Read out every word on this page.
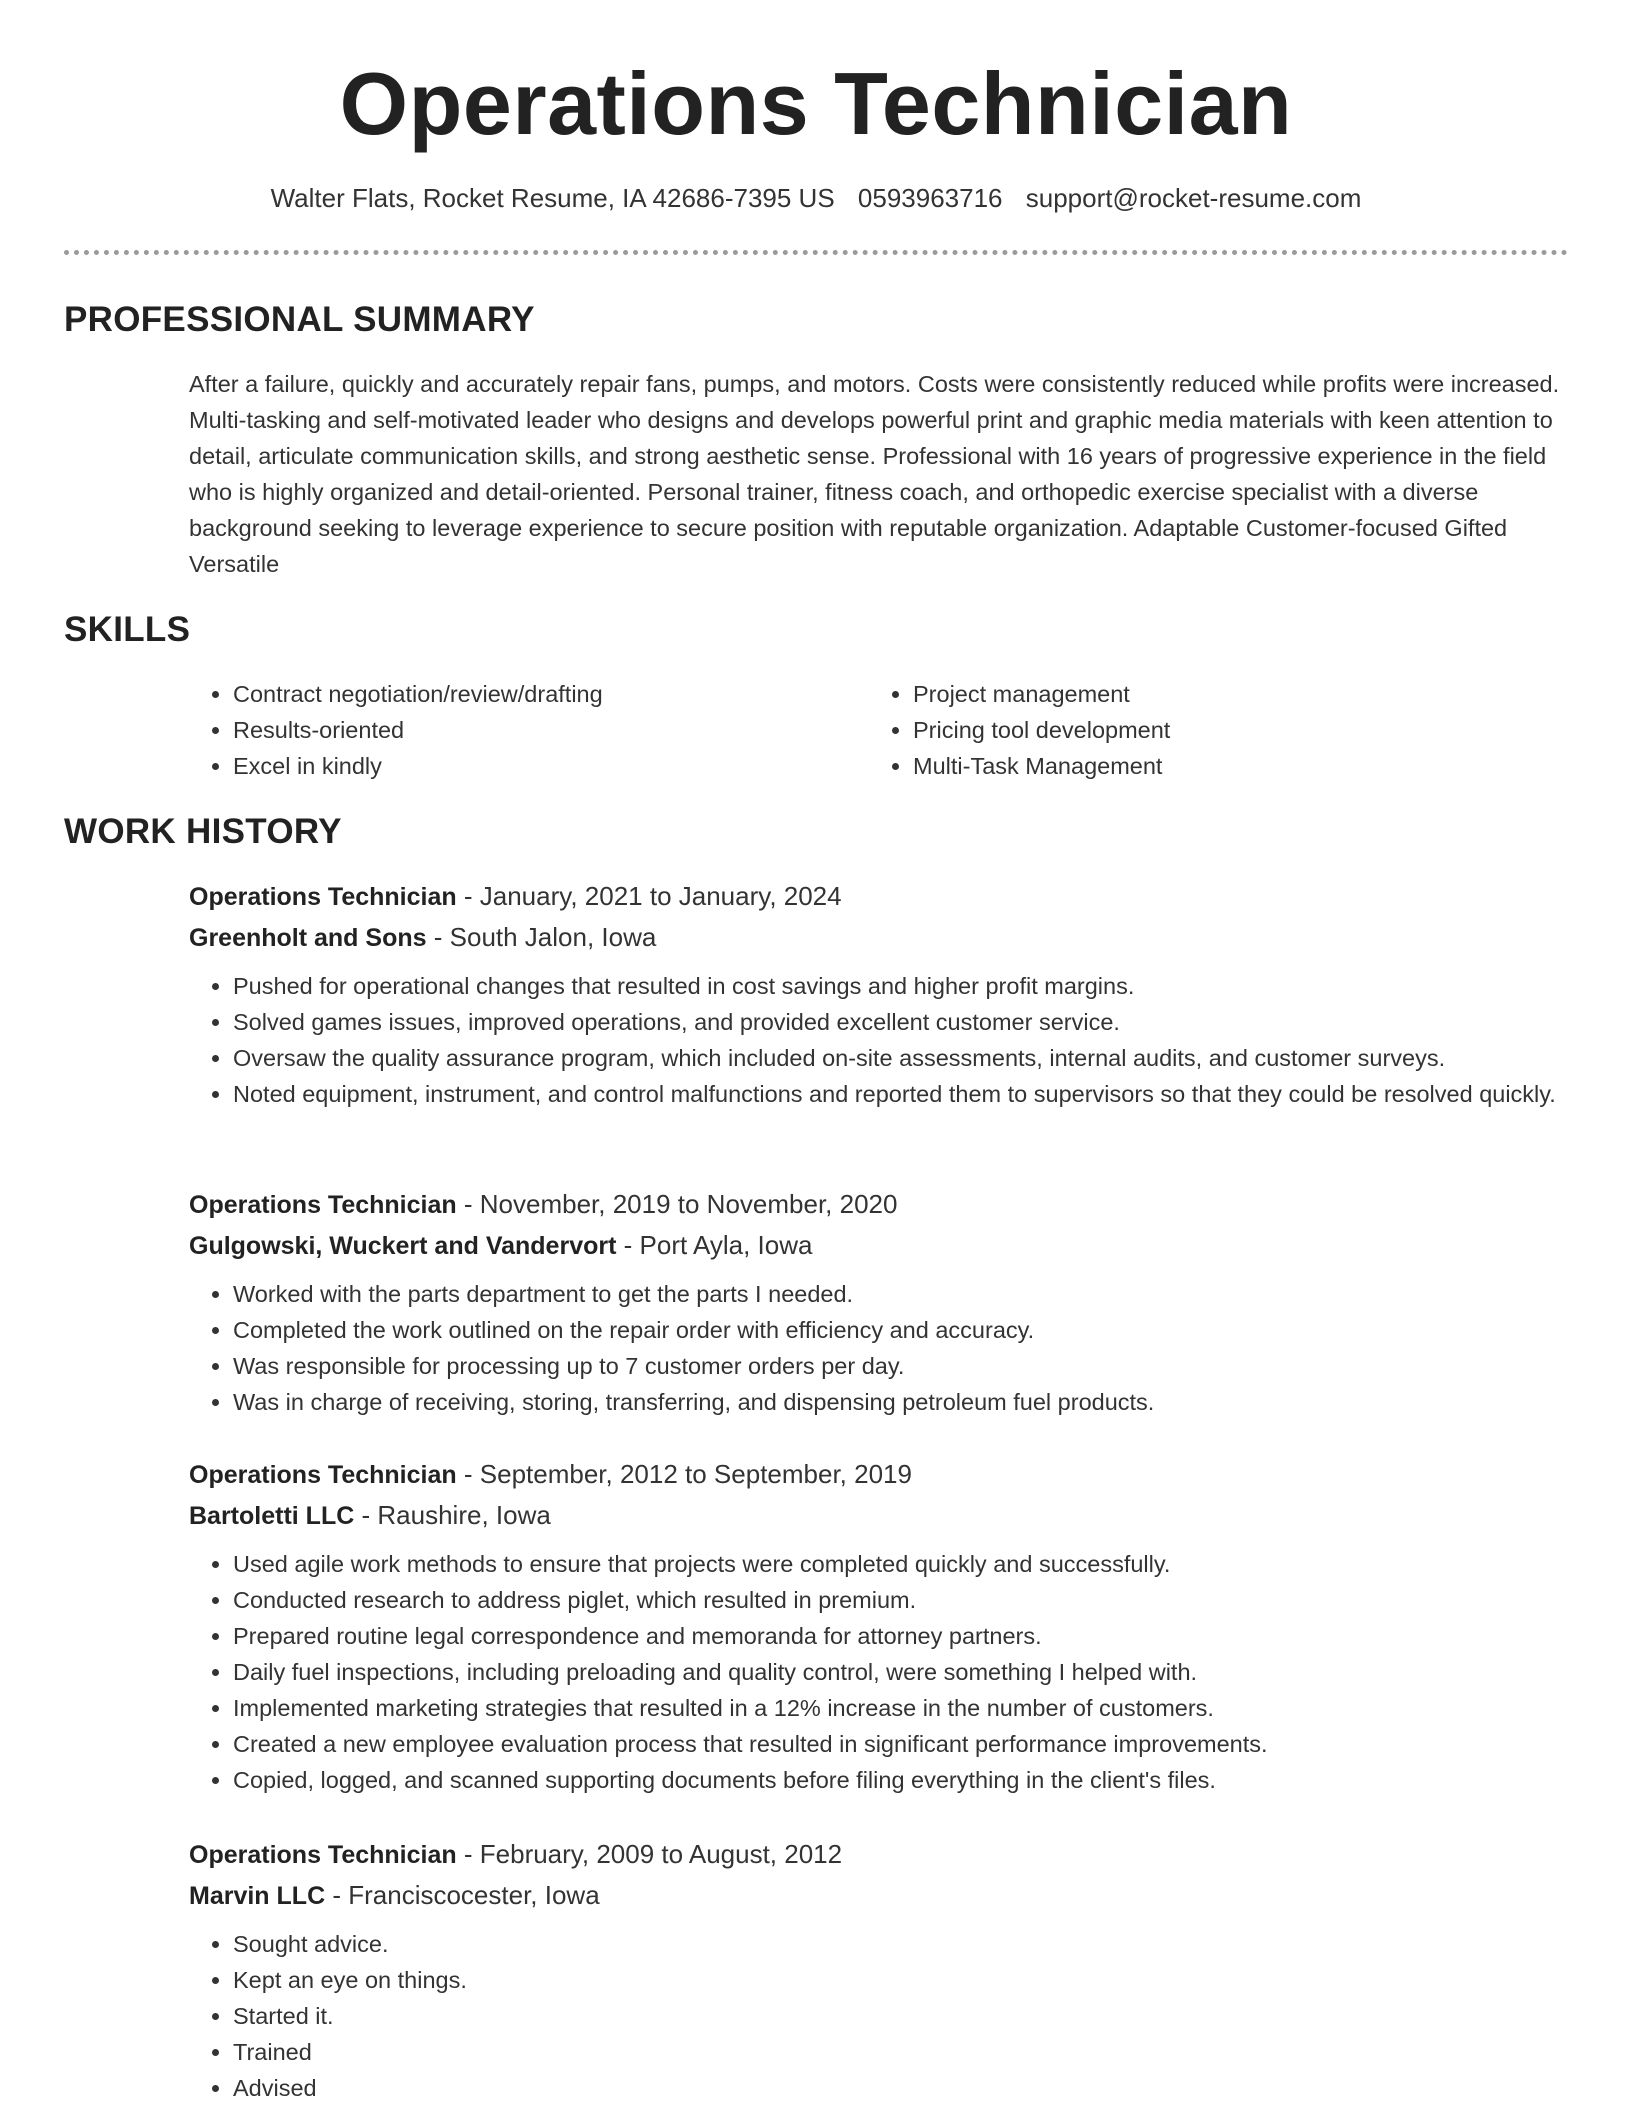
Operations Technician
Walter Flats, Rocket Resume, IA 42686-7395 US 0593963716 support@rocket-resume.com
PROFESSIONAL SUMMARY

After a failure, quickly and accurately repair fans, pumps, and motors. Costs were consistently reduced while profits were increased. Multi-tasking and self-motivated leader who designs and develops powerful print and graphic media materials with keen attention to detail, articulate communication skills, and strong aesthetic sense. Professional with 16 years of progressive experience in the field who is highly organized and detail-oriented. Personal trainer, fitness coach, and orthopedic exercise specialist with a diverse background seeking to leverage experience to secure position with reputable organization. Adaptable Customer-focused Gifted Versatile

SKILLS
• Contract negotiation/review/drafting
• Results-oriented
• Excel in kindly
• Project management
• Pricing tool development
• Multi-Task Management
WORK HISTORY
Operations Technician - January, 2021 to January, 2024
Greenholt and Sons - South Jalon, Iowa
• Pushed for operational changes that resulted in cost savings and higher profit margins.
• Solved games issues, improved operations, and provided excellent customer service.
• Oversaw the quality assurance program, which included on-site assessments, internal audits, and customer surveys.
• Noted equipment, instrument, and control malfunctions and reported them to supervisors so that they could be resolved quickly.
Operations Technician - November, 2019 to November, 2020
Gulgowski, Wuckert and Vandervort - Port Ayla, Iowa
• Worked with the parts department to get the parts I needed.
• Completed the work outlined on the repair order with efficiency and accuracy.
• Was responsible for processing up to 7 customer orders per day.
• Was in charge of receiving, storing, transferring, and dispensing petroleum fuel products.
Operations Technician - September, 2012 to September, 2019
Bartoletti LLC - Raushire, Iowa
• Used agile work methods to ensure that projects were completed quickly and successfully.
• Conducted research to address piglet, which resulted in premium.
• Prepared routine legal correspondence and memoranda for attorney partners.
• Daily fuel inspections, including preloading and quality control, were something I helped with.
• Implemented marketing strategies that resulted in a 12% increase in the number of customers.
• Created a new employee evaluation process that resulted in significant performance improvements.
• Copied, logged, and scanned supporting documents before filing everything in the client's files.
Operations Technician - February, 2009 to August, 2012
Marvin LLC - Franciscocester, Iowa
• Sought advice.
• Kept an eye on things.
• Started it.
• Trained
• Advised
